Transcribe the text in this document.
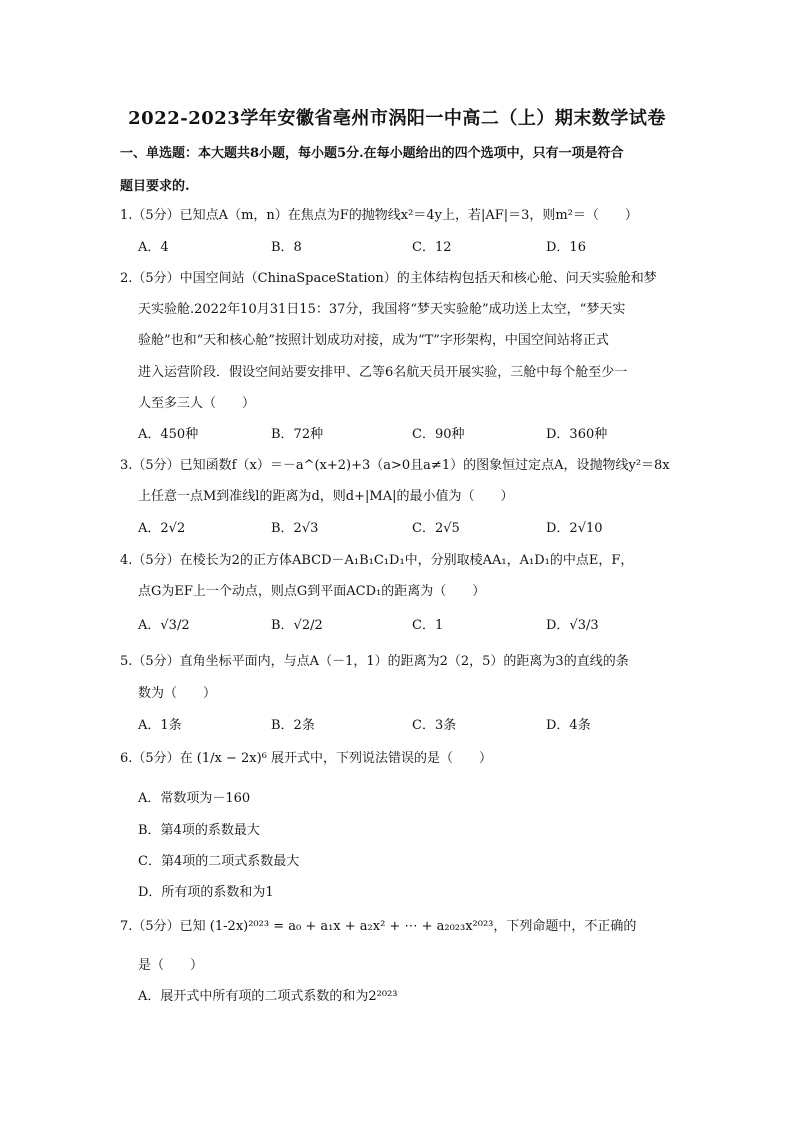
2022-2023学年安徽省亳州市涡阳一中高二（上）期末数学试卷
一、单选题：本大题共8小题，每小题5分.在每小题给出的四个选项中，只有一项是符合
题目要求的.
1.（5分）已知点A（m，n）在焦点为F的抛物线x²＝4y上，若|AF|＝3，则m²＝（　　）
A．4	B．8	C．12	D．16
2.（5分）中国空间站（ChinaSpaceStation）的主体结构包括天和核心舱、问天实验舱和梦
天实验舱.2022年10月31日15：37分，我国将“梦天实验舱”成功送上太空，“梦天实
验舱”也和“天和核心舱”按照计划成功对接，成为“T”字形架构，中国空间站将正式
进入运营阶段．假设空间站要安排甲、乙等6名航天员开展实验，三舱中每个舱至少一
人至多三人（　　）
A．450种	B．72种	C．90种	D．360种
3.（5分）已知函数f（x）＝－a^(x+2)+3（a>0且a≠1）的图象恒过定点A，设抛物线y²＝8x
上任意一点M到准线l的距离为d，则d+|MA|的最小值为（　　）
A．2√2	B．2√3	C．2√5	D．2√10
4.（5分）在棱长为2的正方体ABCD－A₁B₁C₁D₁中，分别取棱AA₁，A₁D₁的中点E，F，
点G为EF上一个动点，则点G到平面ACD₁的距离为（　　）
A．√3/2	B．√2/2	C．1	D．√3/3
5.（5分）直角坐标平面内，与点A（－1，1）的距离为2（2，5）的距离为3的直线的条
数为（　　）
A．1条	B．2条	C．3条	D．4条
6.（5分）在 (1/x − 2x)⁶ 展开式中，下列说法错误的是（　　）
A．常数项为－160
B．第4项的系数最大
C．第4项的二项式系数最大
D．所有项的系数和为1
7.（5分）已知 (1-2x)²⁰²³ = a₀ + a₁x + a₂x² + ⋯ + a₂₀₂₃x²⁰²³，下列命题中，不正确的
是（　　）
A．展开式中所有项的二项式系数的和为2²⁰²³
